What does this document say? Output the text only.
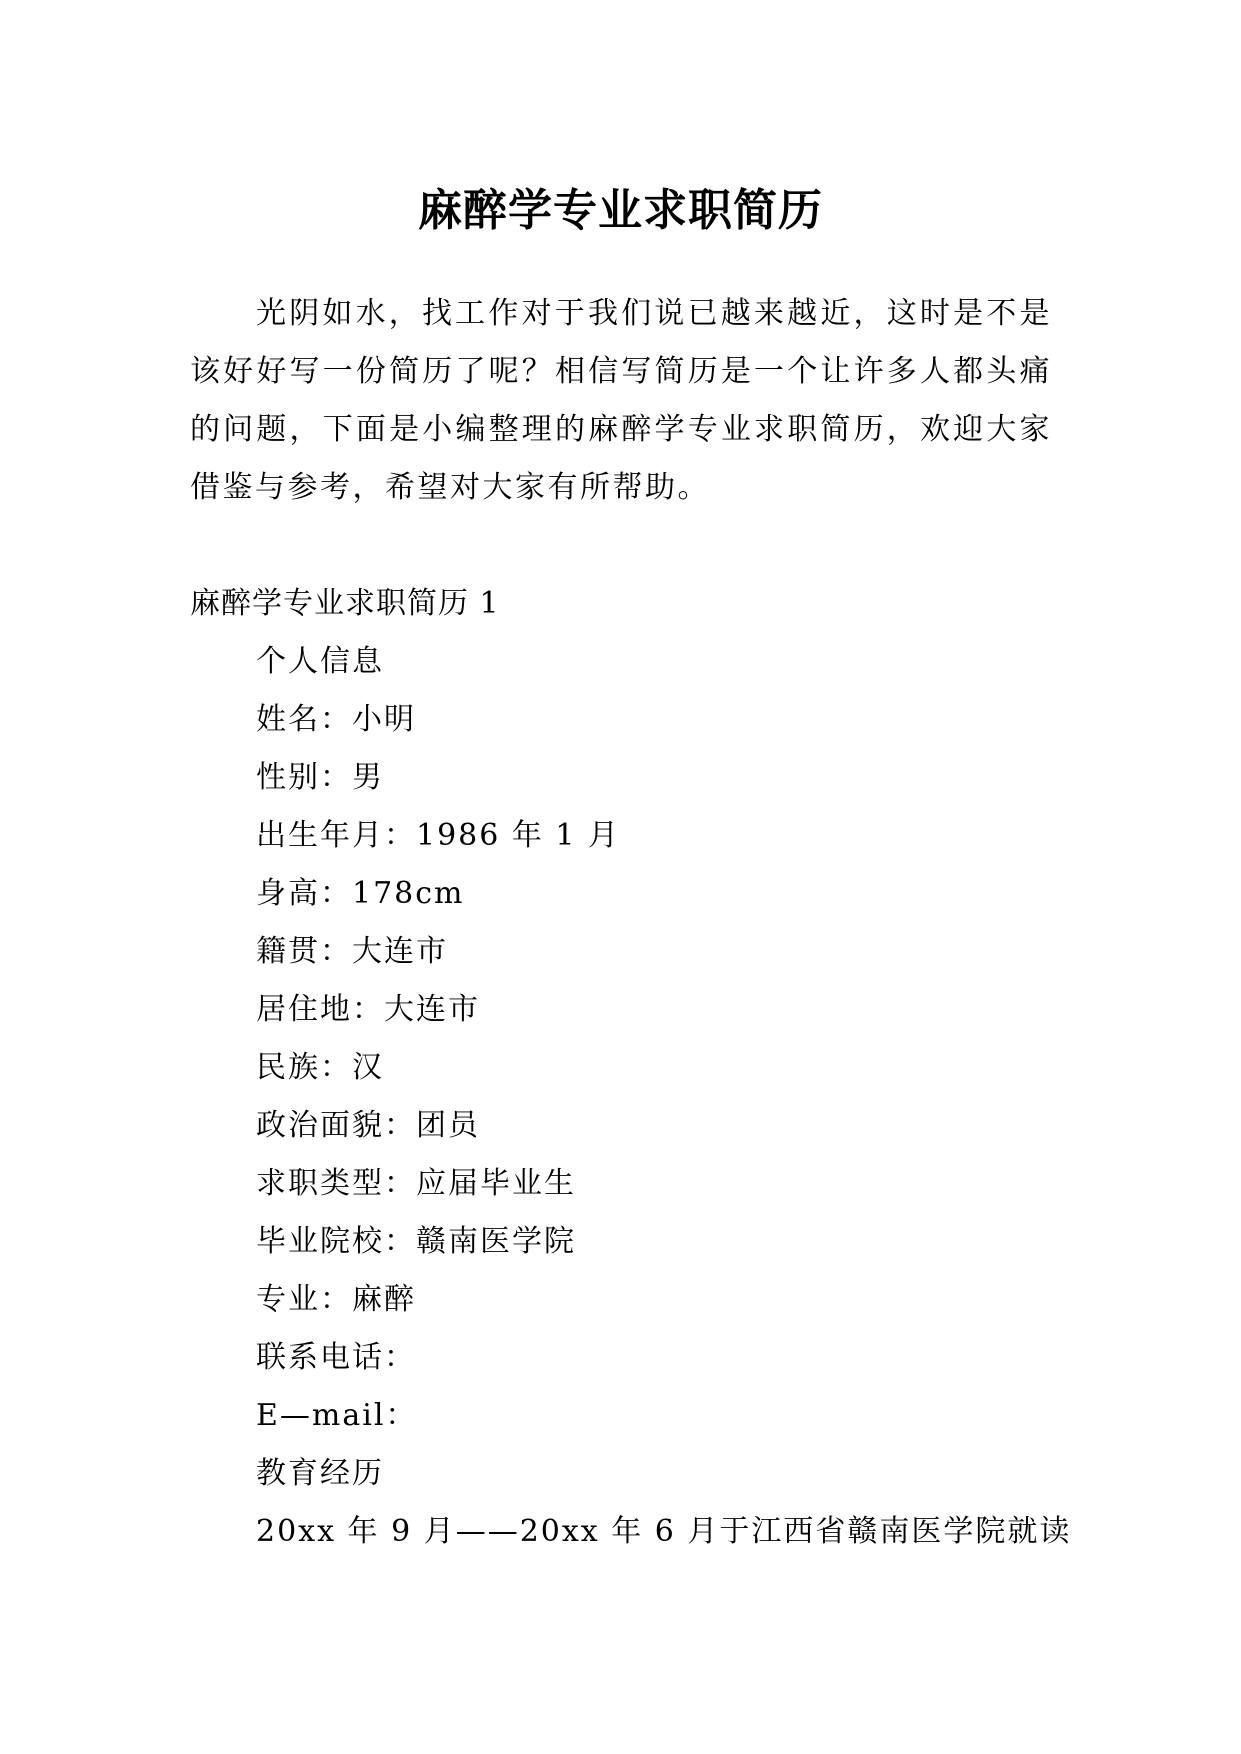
麻醉学专业求职简历

光阴如水，找工作对于我们说已越来越近，这时是不是该好好写一份简历了呢？相信写简历是一个让许多人都头痛的问题，下面是小编整理的麻醉学专业求职简历，欢迎大家借鉴与参考，希望对大家有所帮助。

麻醉学专业求职简历 1

个人信息
姓名：小明
性别：男
出生年月：1986 年 1 月
身高：178cm
籍贯：大连市
居住地：大连市
民族：汉
政治面貌：团员
求职类型：应届毕业生
毕业院校：赣南医学院
专业：麻醉
联系电话：
E—mail：
教育经历
20xx 年 9 月——20xx 年 6 月于江西省赣南医学院就读
